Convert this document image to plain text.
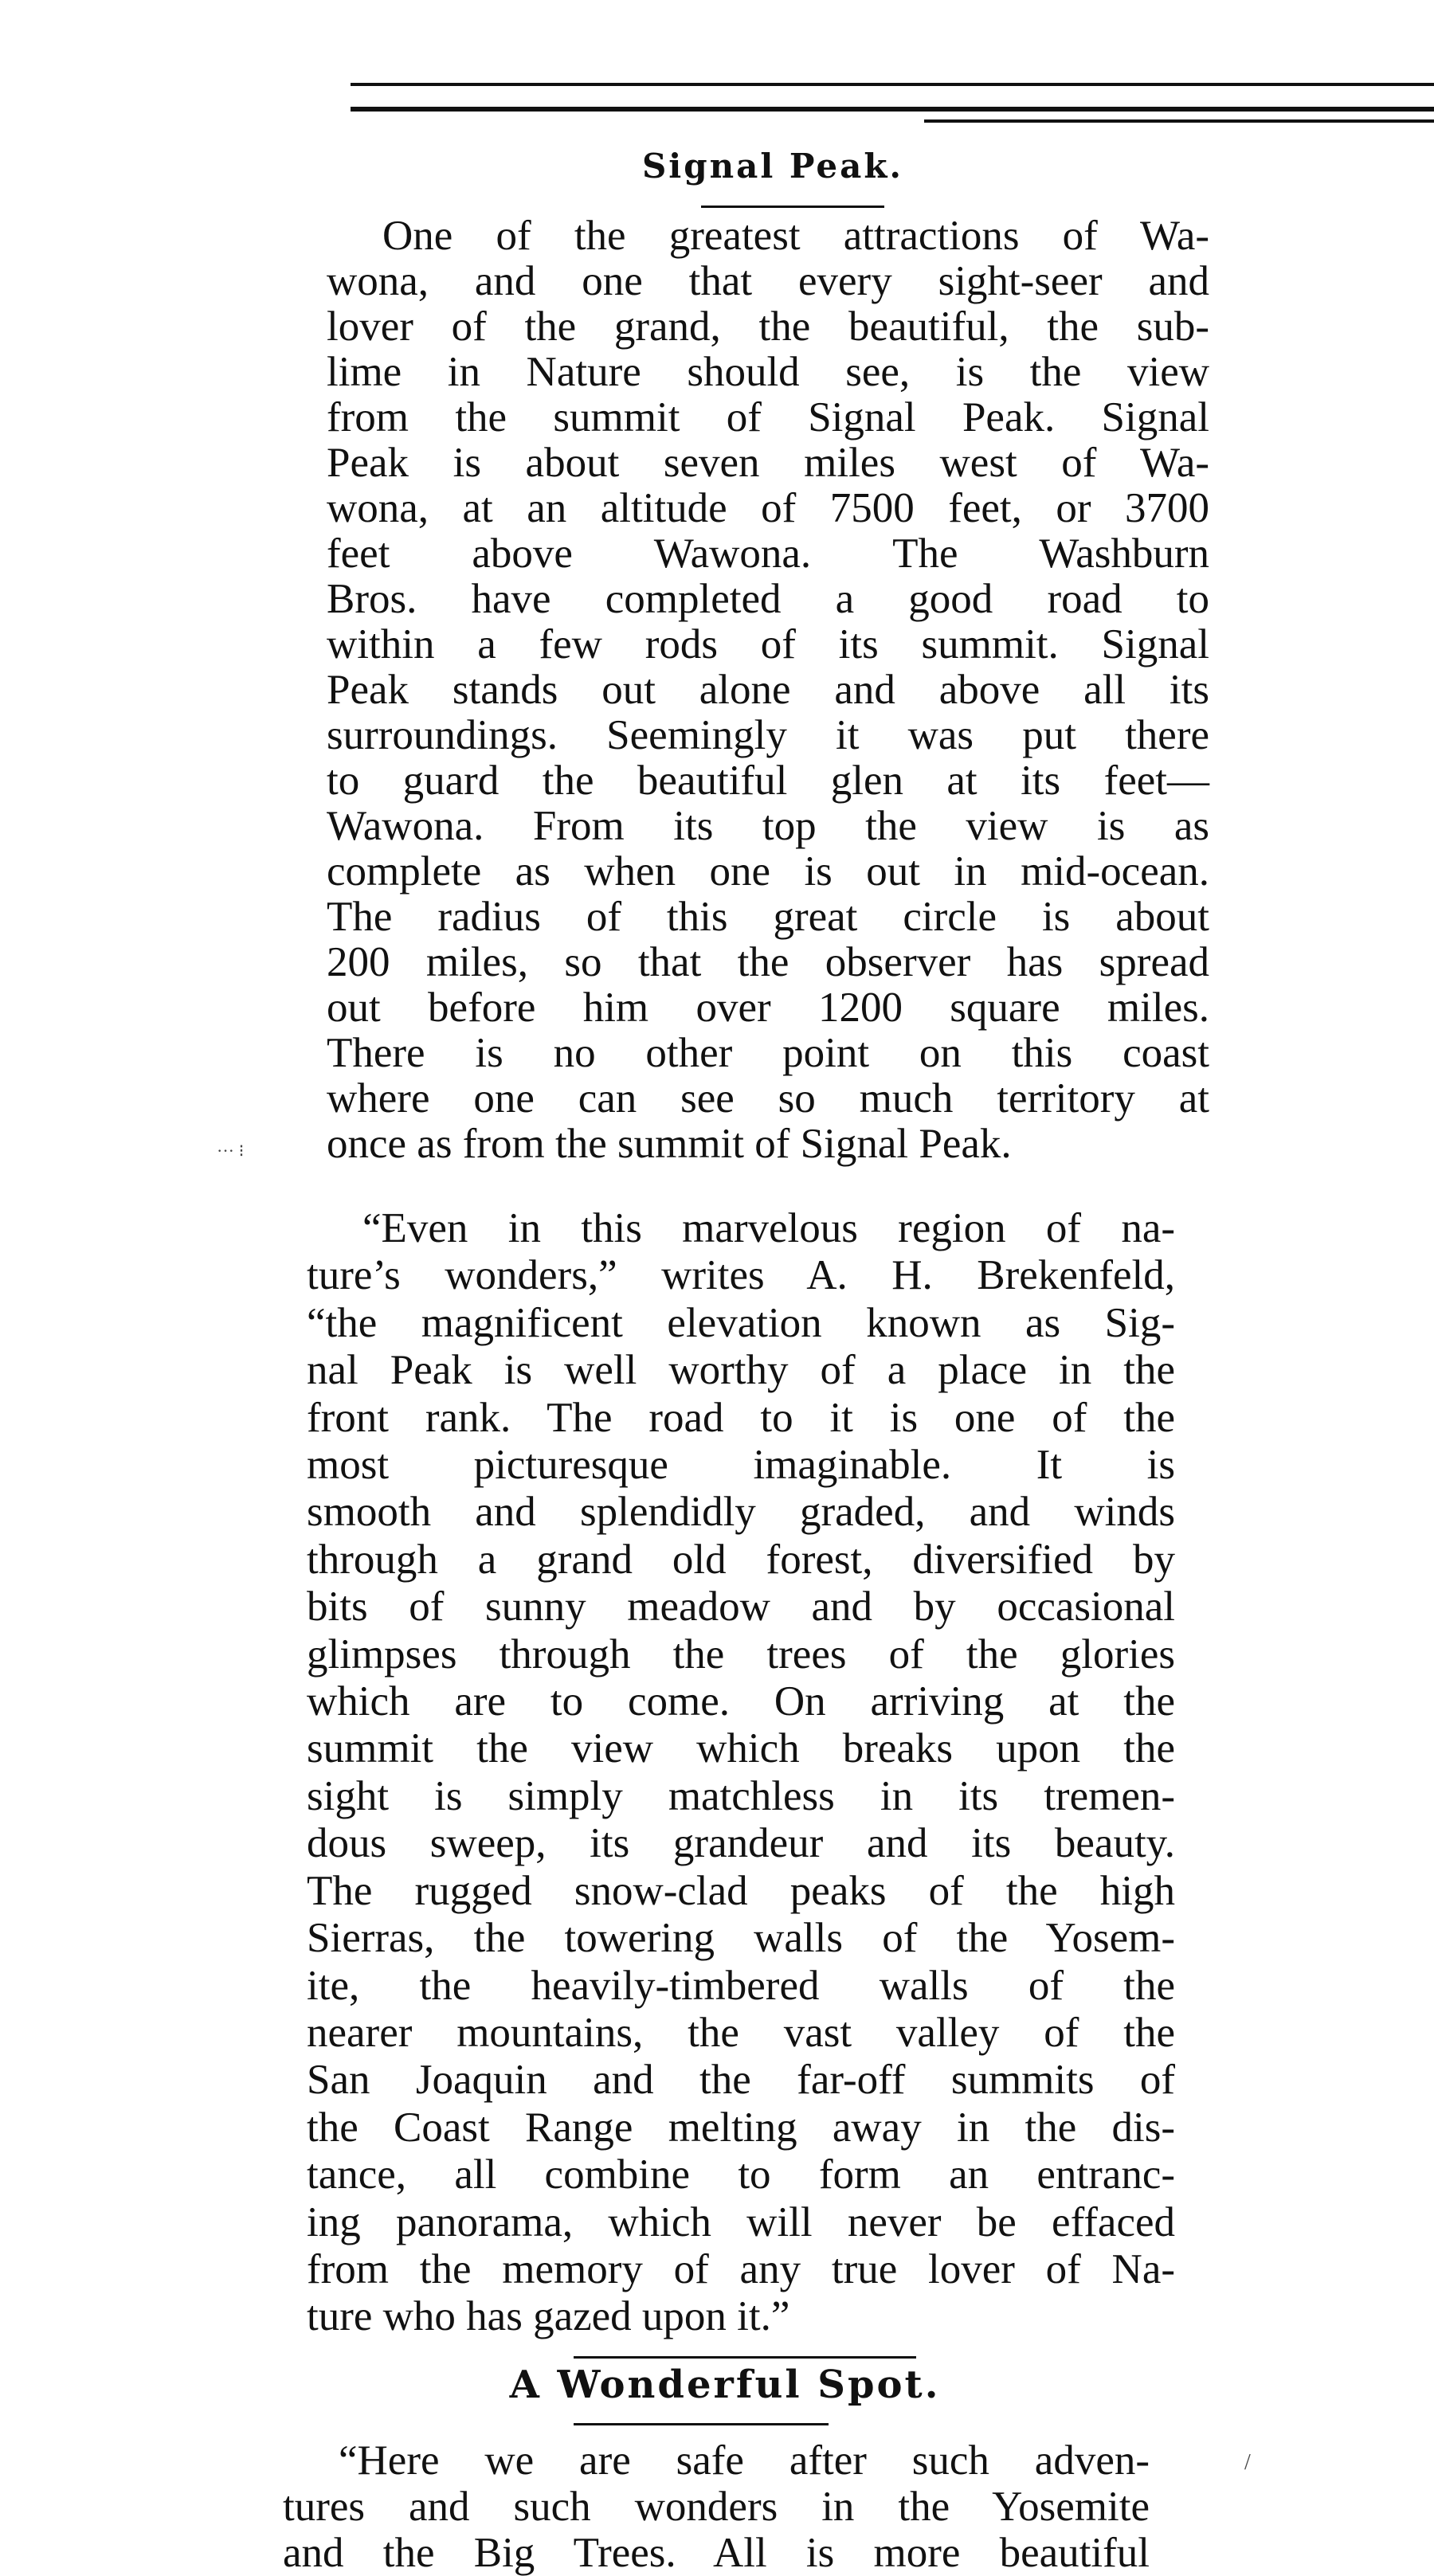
Signal Peak.
One of the greatest attractions of Wa-
wona, and one that every sight-seer and
lover of the grand, the beautiful, the sub-
lime in Nature should see, is the view
from the summit of Signal Peak. Signal
Peak is about seven miles west of Wa-
wona, at an altitude of 7500 feet, or 3700
feet above Wawona. The Washburn
Bros. have completed a good road to
within a few rods of its summit. Signal
Peak stands out alone and above all its
surroundings. Seemingly it was put there
to guard the beautiful glen at its feet—
Wawona. From its top the view is as
complete as when one is out in mid-ocean.
The radius of this great circle is about
200 miles, so that the observer has spread
out before him over 1200 square miles.
There is no other point on this coast
where one can see so much territory at
once as from the summit of Signal Peak.
“Even in this marvelous region of na-
ture’s wonders,” writes A. H. Brekenfeld,
“the magnificent elevation known as Sig-
nal Peak is well worthy of a place in the
front rank. The road to it is one of the
most picturesque imaginable. It is
smooth and splendidly graded, and winds
through a grand old forest, diversified by
bits of sunny meadow and by occasional
glimpses through the trees of the glories
which are to come. On arriving at the
summit the view which breaks upon the
sight is simply matchless in its tremen-
dous sweep, its grandeur and its beauty.
The rugged snow-clad peaks of the high
Sierras, the towering walls of the Yosem-
ite, the heavily-timbered walls of the
nearer mountains, the vast valley of the
San Joaquin and the far-off summits of
the Coast Range melting away in the dis-
tance, all combine to form an entranc-
ing panorama, which will never be effaced
from the memory of any true lover of Na-
ture who has gazed upon it.”
··· ⁝
/
A Wonderful Spot.
“Here we are safe after such adven-
tures and such wonders in the Yosemite
and the Big Trees. All is more beautiful
